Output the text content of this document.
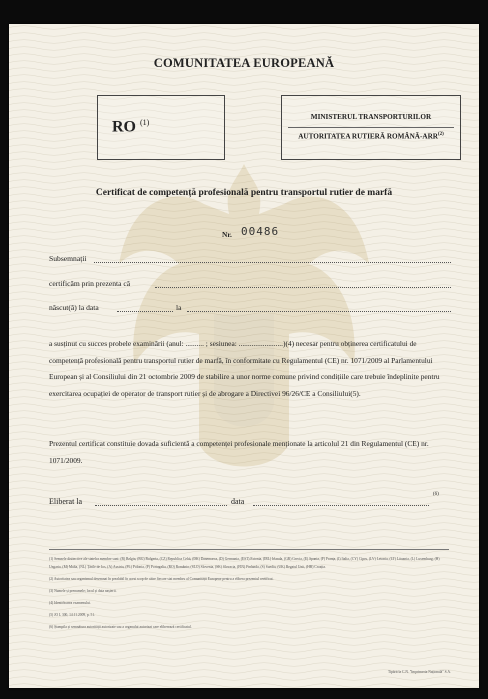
COMUNITATEA EUROPEANĂ
RO $^{(1)}$
MINISTERUL TRANSPORTURILOR
AUTORITATEA RUTIERĂ ROMÂNĂ-ARR$^{(2)}$
Certificat de competență profesională pentru transportul rutier de marfă
Nr. 00486
Subsemnații
certificăm prin prezenta că
născut(ă) la data	la
a susținut cu succes probele examinării (anul: .......... ; sesiunea: ........................)(4) necesar pentru obținerea certificatului de competență profesională pentru transportul rutier de marfă, în conformitate cu Regulamentul (CE) nr. 1071/2009 al Parlamentului European și al Consiliului din 21 octombrie 2009 de stabilire a unor norme comune privind condițiile care trebuie îndeplinite pentru exercitarea ocupației de operator de transport rutier și de abrogare a Directivei 96/26/CE a Consiliului(5).
Prezentul certificat constituie dovada suficientă a competenței profesionale menționate la articolul 21 din Regulamentul (CE) nr. 1071/2009.
Eliberat la	data
(6)
(1) Semnele distinctive ale statelor membre sunt: (B) Belgia, (BG) Bulgaria, (CZ) Republica Cehă, (DK) Danemarca, (D) Germania, (EST) Estonia, (IRL) Irlanda, (GR) Grecia, (E) Spania, (F) Franța, (I) Italia, (CY) Cipru, (LV) Letonia, (LT) Lituania, (L) Luxemburg, (H) Ungaria, (M) Malta, (NL) Țările de Jos, (A) Austria, (PL) Polonia, (P) Portugalia, (RO) România, (SLO) Slovenia, (SK) Slovacia, (FIN) Finlanda, (S) Suedia, (UK) Regatul Unit, (HR) Croația.
(2) Autoritatea sau organismul desemnat în prealabil în acest scop de către fiecare stat membru al Comunității Europene pentru a elibera prezentul certificat.
(3) Numele și prenumele; locul și data nașterii.
(4) Identificarea examenului.
(5) JO L 300, 14.11.2009, p. 51.
(6) Ștampila și semnătura autorității autorizate sau a organului autorizat care eliberează certificatul.
Tipărit la C.N. "Imprimeria Națională" S.A.
